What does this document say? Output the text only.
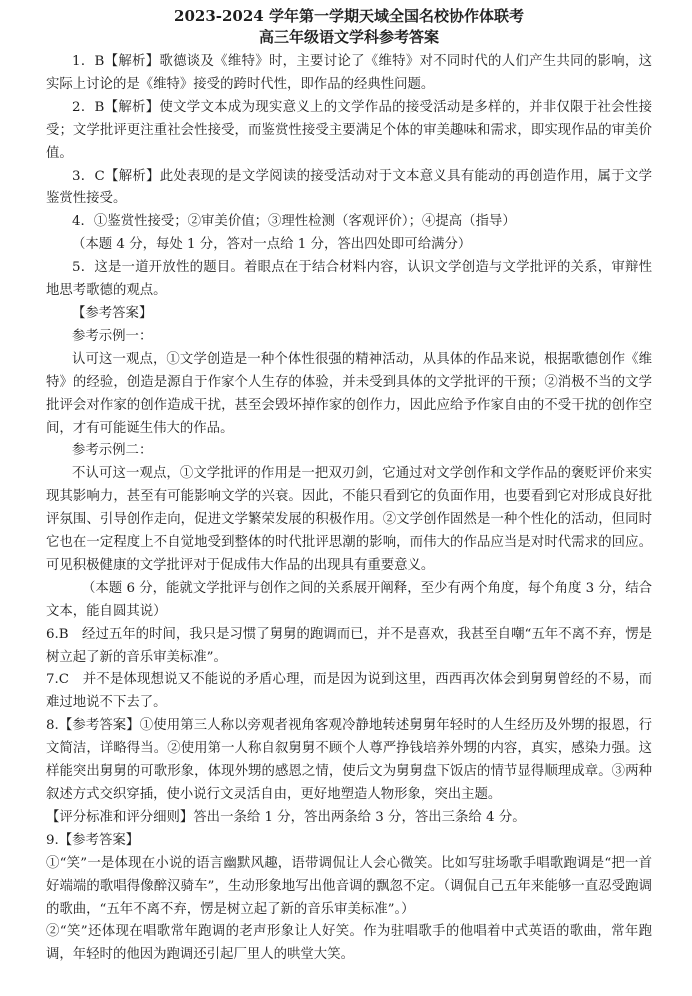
2023-2024 学年第一学期天域全国名校协作体联考

高三年级语文学科参考答案

1．B【解析】歌德谈及《维特》时，主要讨论了《维特》对不同时代的人们产生共同的影响，这实际上讨论的是《维特》接受的跨时代性，即作品的经典性问题。

2．B【解析】使文学文本成为现实意义上的文学作品的接受活动是多样的，并非仅限于社会性接受；文学批评更注重社会性接受，而鉴赏性接受主要满足个体的审美趣味和需求，即实现作品的审美价值。

3．C【解析】此处表现的是文学阅读的接受活动对于文本意义具有能动的再创造作用，属于文学鉴赏性接受。

4．①鉴赏性接受；②审美价值；③理性检测（客观评价）；④提高（指导）

（本题 4 分，每处 1 分，答对一点给 1 分，答出四处即可给满分）

5．这是一道开放性的题目。着眼点在于结合材料内容，认识文学创造与文学批评的关系，审辩性地思考歌德的观点。

【参考答案】

参考示例一：

认可这一观点，①文学创造是一种个体性很强的精神活动，从具体的作品来说，根据歌德创作《维特》的经验，创造是源自于作家个人生存的体验，并未受到具体的文学批评的干预；②消极不当的文学批评会对作家的创作造成干扰，甚至会毁坏掉作家的创作力，因此应给予作家自由的不受干扰的创作空间，才有可能诞生伟大的作品。

参考示例二：

不认可这一观点，①文学批评的作用是一把双刃剑，它通过对文学创作和文学作品的褒贬评价来实现其影响力，甚至有可能影响文学的兴衰。因此，不能只看到它的负面作用，也要看到它对形成良好批评氛围、引导创作走向，促进文学繁荣发展的积极作用。②文学创作固然是一种个性化的活动，但同时它也在一定程度上不自觉地受到整体的时代批评思潮的影响，而伟大的作品应当是对时代需求的回应。可见积极健康的文学批评对于促成伟大作品的出现具有重要意义。

（本题 6 分，能就文学批评与创作之间的关系展开阐释，至少有两个角度，每个角度 3 分，结合文本，能自圆其说）

6.B　经过五年的时间，我只是习惯了舅舅的跑调而已，并不是喜欢，我甚至自嘲“五年不离不弃，愣是树立起了新的音乐审美标准”。

7.C　并不是体现想说又不能说的矛盾心理，而是因为说到这里，西西再次体会到舅舅曾经的不易，而难过地说不下去了。

8.【参考答案】①使用第三人称以旁观者视角客观冷静地转述舅舅年轻时的人生经历及外甥的报恩，行文简洁，详略得当。②使用第一人称自叙舅舅不顾个人尊严挣钱培养外甥的内容，真实，感染力强。这样能突出舅舅的可歌形象，体现外甥的感恩之情，使后文为舅舅盘下饭店的情节显得顺理成章。③两种叙述方式交织穿插，使小说行文灵活自由，更好地塑造人物形象，突出主题。

【评分标准和评分细则】答出一条给 1 分，答出两条给 3 分，答出三条给 4 分。

9.【参考答案】

①“笑”一是体现在小说的语言幽默风趣，语带调侃让人会心微笑。比如写驻场歌手唱歌跑调是“把一首好端端的歌唱得像醉汉骑车”，生动形象地写出他音调的飘忽不定。（调侃自己五年来能够一直忍受跑调的歌曲，“五年不离不弃，愣是树立起了新的音乐审美标准”。）

②“笑”还体现在唱歌常年跑调的老声形象让人好笑。作为驻唱歌手的他唱着中式英语的歌曲，常年跑调，年轻时的他因为跑调还引起厂里人的哄堂大笑。
